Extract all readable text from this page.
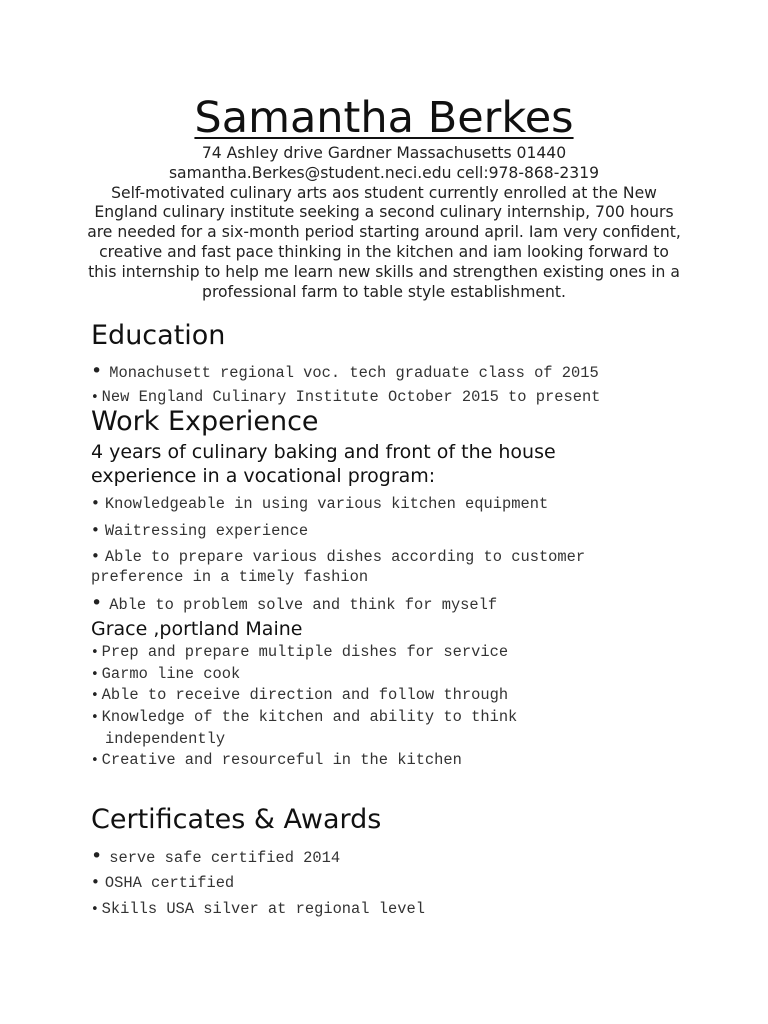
Samantha Berkes
74 Ashley drive Gardner Massachusetts 01440
samantha.Berkes@student.neci.edu cell:978-868-2319
Self-motivated culinary arts aos student currently enrolled at the New England culinary institute seeking a second culinary internship, 700 hours are needed for a six-month period starting around april. Iam very confident, creative and fast pace thinking in the kitchen and iam looking forward to this internship to help me learn new skills and strengthen existing ones in a professional farm to table style establishment.
Education
• Monachusett regional voc. tech graduate class of 2015
• New England Culinary Institute October 2015 to present
Work Experience
4 years of culinary baking and front of the house experience in a vocational program:
• Knowledgeable in using various kitchen equipment
• Waitressing experience
• Able to prepare various dishes according to customer
preference in a timely fashion
• Able to problem solve and think for myself
Grace ,portland Maine
• Prep and prepare multiple dishes for service
• Garmo line cook
• Able to receive direction and follow through
• Knowledge of the kitchen and ability to think
independently
• Creative and resourceful in the kitchen
Certificates & Awards
• serve safe certified 2014
• OSHA certified
• Skills USA silver at regional level
